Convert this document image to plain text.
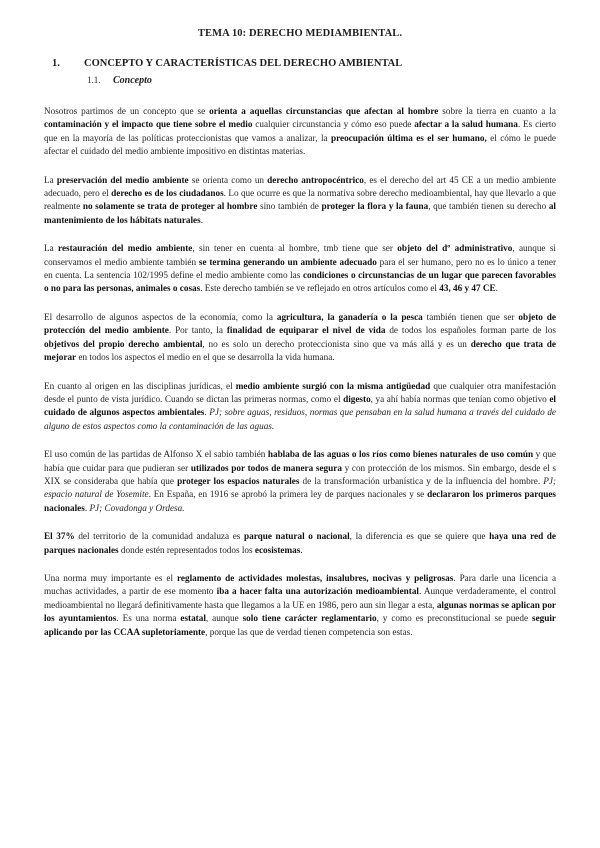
TEMA 10: DERECHO MEDIAMBIENTAL.
1. CONCEPTO Y CARACTERÍSTICAS DEL DERECHO AMBIENTAL
1.1. Concepto

Nosotros partimos de un concepto que se orienta a aquellas circunstancias que afectan al hombre sobre la tierra en cuanto a la contaminación y el impacto que tiene sobre el medio cualquier circunstancia y cómo eso puede afectar a la salud humana. Es cierto que en la mayoría de las políticas proteccionistas que vamos a analizar, la preocupación última es el ser humano, el cómo le puede afectar el cuidado del medio ambiente impositivo en distintas materias.

La preservación del medio ambiente se orienta como un derecho antropocéntrico, es el derecho del art 45 CE a un medio ambiente adecuado, pero el derecho es de los ciudadanos. Lo que ocurre es que la normativa sobre derecho medioambiental, hay que llevarlo a que realmente no solamente se trata de proteger al hombre sino también de proteger la flora y la fauna, que también tienen su derecho al mantenimiento de los hábitats naturales.

La restauración del medio ambiente, sin tener en cuenta al hombre, tmb tiene que ser objeto del dº administrativo, aunque si conservamos el medio ambiente también se termina generando un ambiente adecuado para el ser humano, pero no es lo único a tener en cuenta. La sentencia 102/1995 define el medio ambiente como las condiciones o circunstancias de un lugar que parecen favorables o no para las personas, animales o cosas. Este derecho también se ve reflejado en otros artículos como el 43, 46 y 47 CE.

El desarrollo de algunos aspectos de la economía, como la agricultura, la ganadería o la pesca también tienen que ser objeto de protección del medio ambiente. Por tanto, la finalidad de equiparar el nivel de vida de todos los españoles forman parte de los objetivos del propio derecho ambiental, no es solo un derecho proteccionista sino que va más allá y es un derecho que trata de mejorar en todos los aspectos el medio en el que se desarrolla la vida humana.

En cuanto al origen en las disciplinas jurídicas, el medio ambiente surgió con la misma antigüedad que cualquier otra manifestación desde el punto de vista jurídico. Cuando se dictan las primeras normas, como el digesto, ya ahí había normas que tenían como objetivo el cuidado de algunos aspectos ambientales. PJ; sobre aguas, residuos, normas que pensaban en la salud humana a través del cuidado de alguno de estos aspectos como la contaminación de las aguas.

El uso común de las partidas de Alfonso X el sabio también hablaba de las aguas o los ríos como bienes naturales de uso común y que había que cuidar para que pudieran ser utilizados por todos de manera segura y con protección de los mismos. Sin embargo, desde el s XIX se consideraba que había que proteger los espacios naturales de la transformación urbanística y de la influencia del hombre. PJ; espacio natural de Yosemite. En España, en 1916 se aprobó la primera ley de parques nacionales y se declararon los primeros parques nacionales. PJ; Covadonga y Ordesa.

El 37% del territorio de la comunidad andaluza es parque natural o nacional, la diferencia es que se quiere que haya una red de parques nacionales donde estén representados todos los ecosistemas.

Una norma muy importante es el reglamento de actividades molestas, insalubres, nocivas y peligrosas. Para darle una licencia a muchas actividades, a partir de ese momento iba a hacer falta una autorización medioambiental. Aunque verdaderamente, el control medioambiental no llegará definitivamente hasta que llegamos a la UE en 1986, pero aun sin llegar a esta, algunas normas se aplican por los ayuntamientos. Es una norma estatal, aunque solo tiene carácter reglamentario, y como es preconstitucional se puede seguir aplicando por las CCAA supletoriamente, porque las que de verdad tienen competencia son estas.
